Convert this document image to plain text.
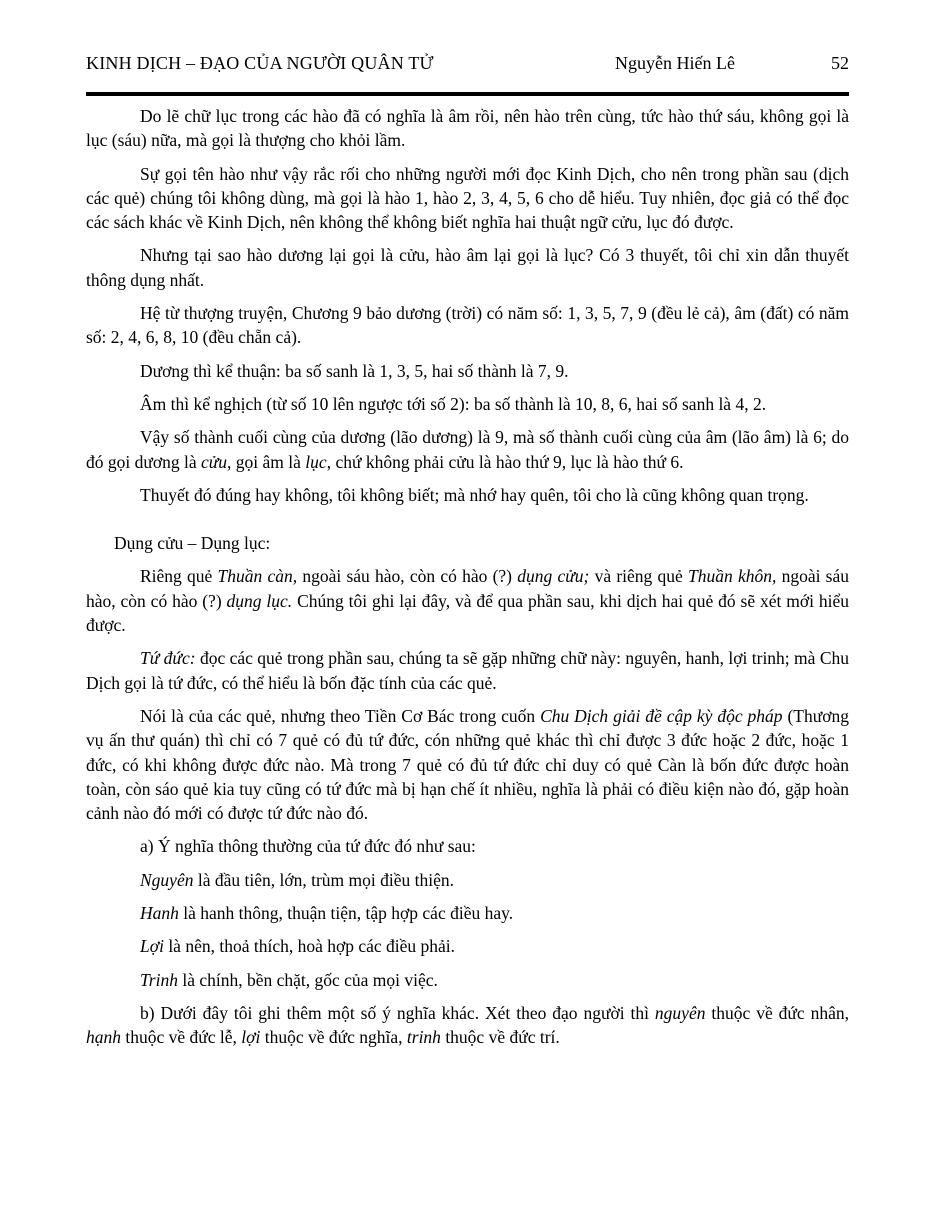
KINH DỊCH – ĐẠO CỦA NGƯỜI QUÂN TỬ	Nguyễn Hiến Lê	52

Do lẽ chữ lục trong các hào đã có nghĩa là âm rồi, nên hào trên cùng, tức hào thứ sáu, không gọi là lục (sáu) nữa, mà gọi là thượng cho khỏi lầm.

Sự gọi tên hào như vậy rắc rối cho những người mới đọc Kinh Dịch, cho nên trong phần sau (dịch các quẻ) chúng tôi không dùng, mà gọi là hào 1, hào 2, 3, 4, 5, 6 cho dễ hiểu. Tuy nhiên, đọc giả có thể đọc các sách khác về Kinh Dịch, nên không thể không biết nghĩa hai thuật ngữ cửu, lục đó được.

Nhưng tại sao hào dương lại gọi là cửu, hào âm lại gọi là lục? Có 3 thuyết, tôi chỉ xin dẫn thuyết thông dụng nhất.

Hệ từ thượng truyện, Chương 9 bảo dương (trời) có năm số: 1, 3, 5, 7, 9 (đều lẻ cả), âm (đất) có năm số: 2, 4, 6, 8, 10 (đều chẵn cả).

Dương thì kể thuận: ba số sanh là 1, 3, 5, hai số thành là 7, 9.

Âm thì kể nghịch (từ số 10 lên ngược tới số 2): ba số thành là 10, 8, 6, hai số sanh là 4, 2.

Vậy số thành cuối cùng của dương (lão dương) là 9, mà số thành cuối cùng của âm (lão âm) là 6; do đó gọi dương là cửu, gọi âm là lục, chứ không phải cửu là hào thứ 9, lục là hào thứ 6.

Thuyết đó đúng hay không, tôi không biết; mà nhớ hay quên, tôi cho là cũng không quan trọng.

Dụng cửu – Dụng lục:

Riêng quẻ Thuần càn, ngoài sáu hào, còn có hào (?) dụng cửu; và riêng quẻ Thuần khôn, ngoài sáu hào, còn có hào (?) dụng lục. Chúng tôi ghi lại đây, và để qua phần sau, khi dịch hai quẻ đó sẽ xét mới hiểu được.

Tứ đức: đọc các quẻ trong phần sau, chúng ta sẽ gặp những chữ này: nguyên, hanh, lợi trinh; mà Chu Dịch gọi là tứ đức, có thể hiểu là bốn đặc tính của các quẻ.

Nói là của các quẻ, nhưng theo Tiền Cơ Bác trong cuốn Chu Dịch giải đề cập kỳ độc pháp (Thương vụ ấn thư quán) thì chỉ có 7 quẻ có đủ tứ đức, cón những quẻ khác thì chỉ được 3 đức hoặc 2 đức, hoặc 1 đức, có khi không được đức nào. Mà trong 7 quẻ có đủ tứ đức chỉ duy có quẻ Càn là bốn đức được hoàn toàn, còn sáo quẻ kia tuy cũng có tứ đức mà bị hạn chế ít nhiều, nghĩa là phải có điều kiện nào đó, gặp hoàn cảnh nào đó mới có được tứ đức nào đó.

a) Ý nghĩa thông thường của tứ đức đó như sau:

Nguyên là đầu tiên, lớn, trùm mọi điều thiện.

Hanh là hanh thông, thuận tiện, tập hợp các điều hay.

Lợi là nên, thoả thích, hoà hợp các điều phải.

Trinh là chính, bền chặt, gốc của mọi việc.

b) Dưới đây tôi ghi thêm một số ý nghĩa khác. Xét theo đạo người thì nguyên thuộc về đức nhân, hạnh thuộc về đức lễ, lợi thuộc về đức nghĩa, trinh thuộc về đức trí.
